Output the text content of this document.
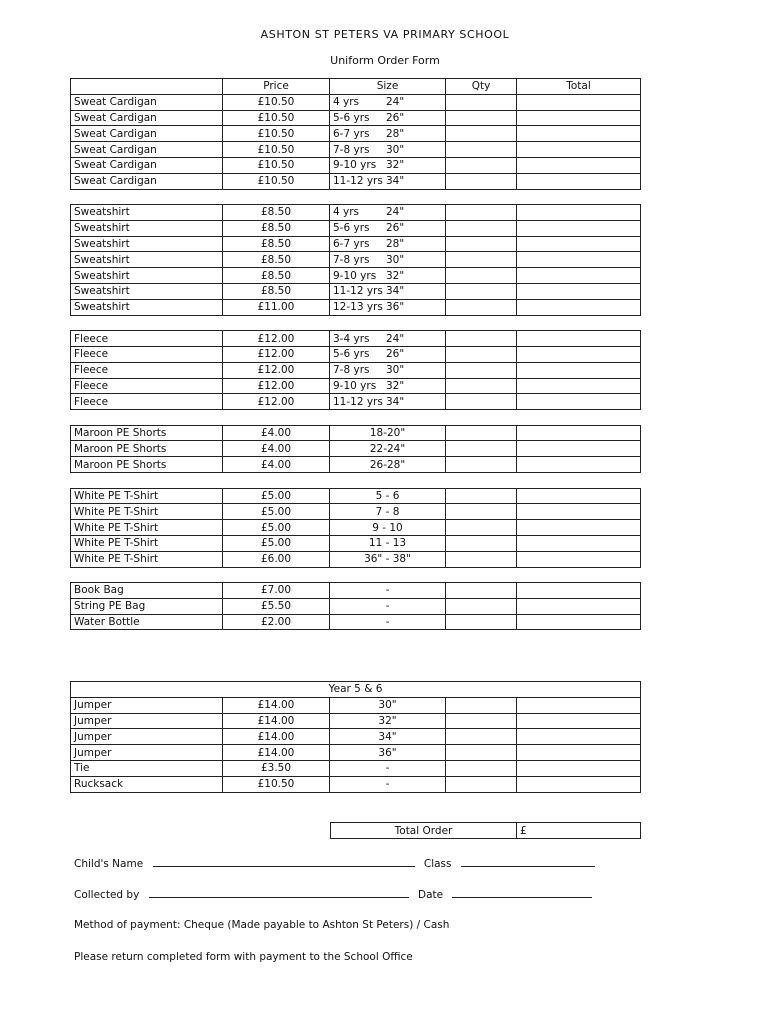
ASHTON ST PETERS VA PRIMARY SCHOOL
Uniform Order Form
	Price	Size	Qty	Total
Sweat Cardigan	£10.50	4 yrs 24"		
Sweat Cardigan	£10.50	5-6 yrs 26"		
Sweat Cardigan	£10.50	6-7 yrs 28"		
Sweat Cardigan	£10.50	7-8 yrs 30"		
Sweat Cardigan	£10.50	9-10 yrs 32"		
Sweat Cardigan	£10.50	11-12 yrs 34"		

Sweatshirt	£8.50	4 yrs 24"		
Sweatshirt	£8.50	5-6 yrs 26"		
Sweatshirt	£8.50	6-7 yrs 28"		
Sweatshirt	£8.50	7-8 yrs 30"		
Sweatshirt	£8.50	9-10 yrs 32"		
Sweatshirt	£8.50	11-12 yrs 34"		
Sweatshirt	£11.00	12-13 yrs 36"		

Fleece	£12.00	3-4 yrs 24"		
Fleece	£12.00	5-6 yrs 26"		
Fleece	£12.00	7-8 yrs 30"		
Fleece	£12.00	9-10 yrs 32"		
Fleece	£12.00	11-12 yrs 34"		

Maroon PE Shorts	£4.00	18-20"		
Maroon PE Shorts	£4.00	22-24"		
Maroon PE Shorts	£4.00	26-28"		

White PE T-Shirt	£5.00	5 - 6		
White PE T-Shirt	£5.00	7 - 8		
White PE T-Shirt	£5.00	9 - 10		
White PE T-Shirt	£5.00	11 - 13		
White PE T-Shirt	£6.00	36" - 38"		

Book Bag	£7.00	-		
String PE Bag	£5.50	-		
Water Bottle	£2.00	-		
Year 5 & 6				
Jumper	£14.00	30"		
Jumper	£14.00	32"		
Jumper	£14.00	34"		
Jumper	£14.00	36"		
Tie	£3.50	-		
Rucksack	£10.50	-		
Total Order	£
Child's Name	Class
Collected by	Date
Method of payment: Cheque (Made payable to Ashton St Peters) / Cash
Please return completed form with payment to the School Office
